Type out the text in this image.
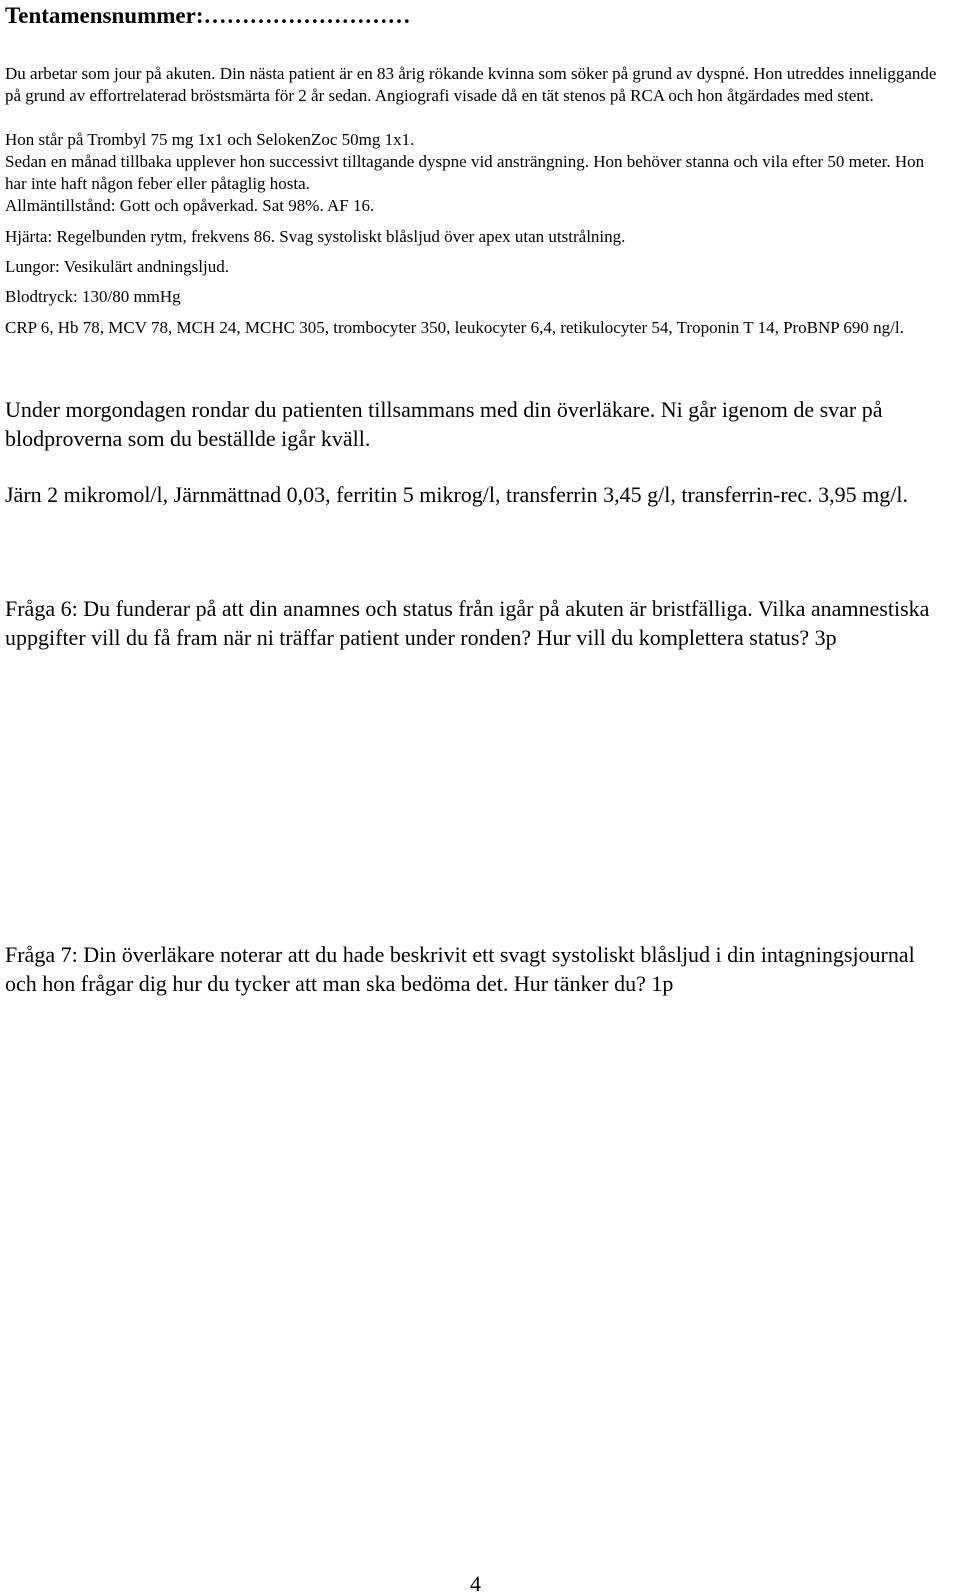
Tentamensnummer:………………………

Du arbetar som jour på akuten. Din nästa patient är en 83 årig rökande kvinna som söker på grund av dyspné. Hon utreddes inneliggande på grund av effortrelaterad bröstsmärta för 2 år sedan. Angiografi visade då en tät stenos på RCA och hon åtgärdades med stent.

Hon står på Trombyl 75 mg 1x1 och SelokenZoc 50mg 1x1.

Sedan en månad tillbaka upplever hon successivt tilltagande dyspne vid ansträngning. Hon behöver stanna och vila efter 50 meter. Hon har inte haft någon feber eller påtaglig hosta.

Allmäntillstånd: Gott och opåverkad. Sat 98%. AF 16.

Hjärta: Regelbunden rytm, frekvens 86. Svag systoliskt blåsljud över apex utan utstrålning.

Lungor: Vesikulärt andningsljud.

Blodtryck: 130/80 mmHg

CRP 6, Hb 78, MCV 78, MCH 24, MCHC 305, trombocyter 350, leukocyter 6,4, retikulocyter 54, Troponin T 14, ProBNP 690 ng/l.

Under morgondagen rondar du patienten tillsammans med din överläkare. Ni går igenom de svar på blodproverna som du beställde igår kväll.

Järn 2 mikromol/l, Järnmättnad 0,03, ferritin 5 mikrog/l, transferrin 3,45 g/l, transferrin-rec. 3,95 mg/l.

Fråga 6: Du funderar på att din anamnes och status från igår på akuten är bristfälliga. Vilka anamnestiska uppgifter vill du få fram när ni träffar patient under ronden? Hur vill du komplettera status? 3p

Fråga 7: Din överläkare noterar att du hade beskrivit ett svagt systoliskt blåsljud i din intagningsjournal och hon frågar dig hur du tycker att man ska bedöma det. Hur tänker du? 1p

4
